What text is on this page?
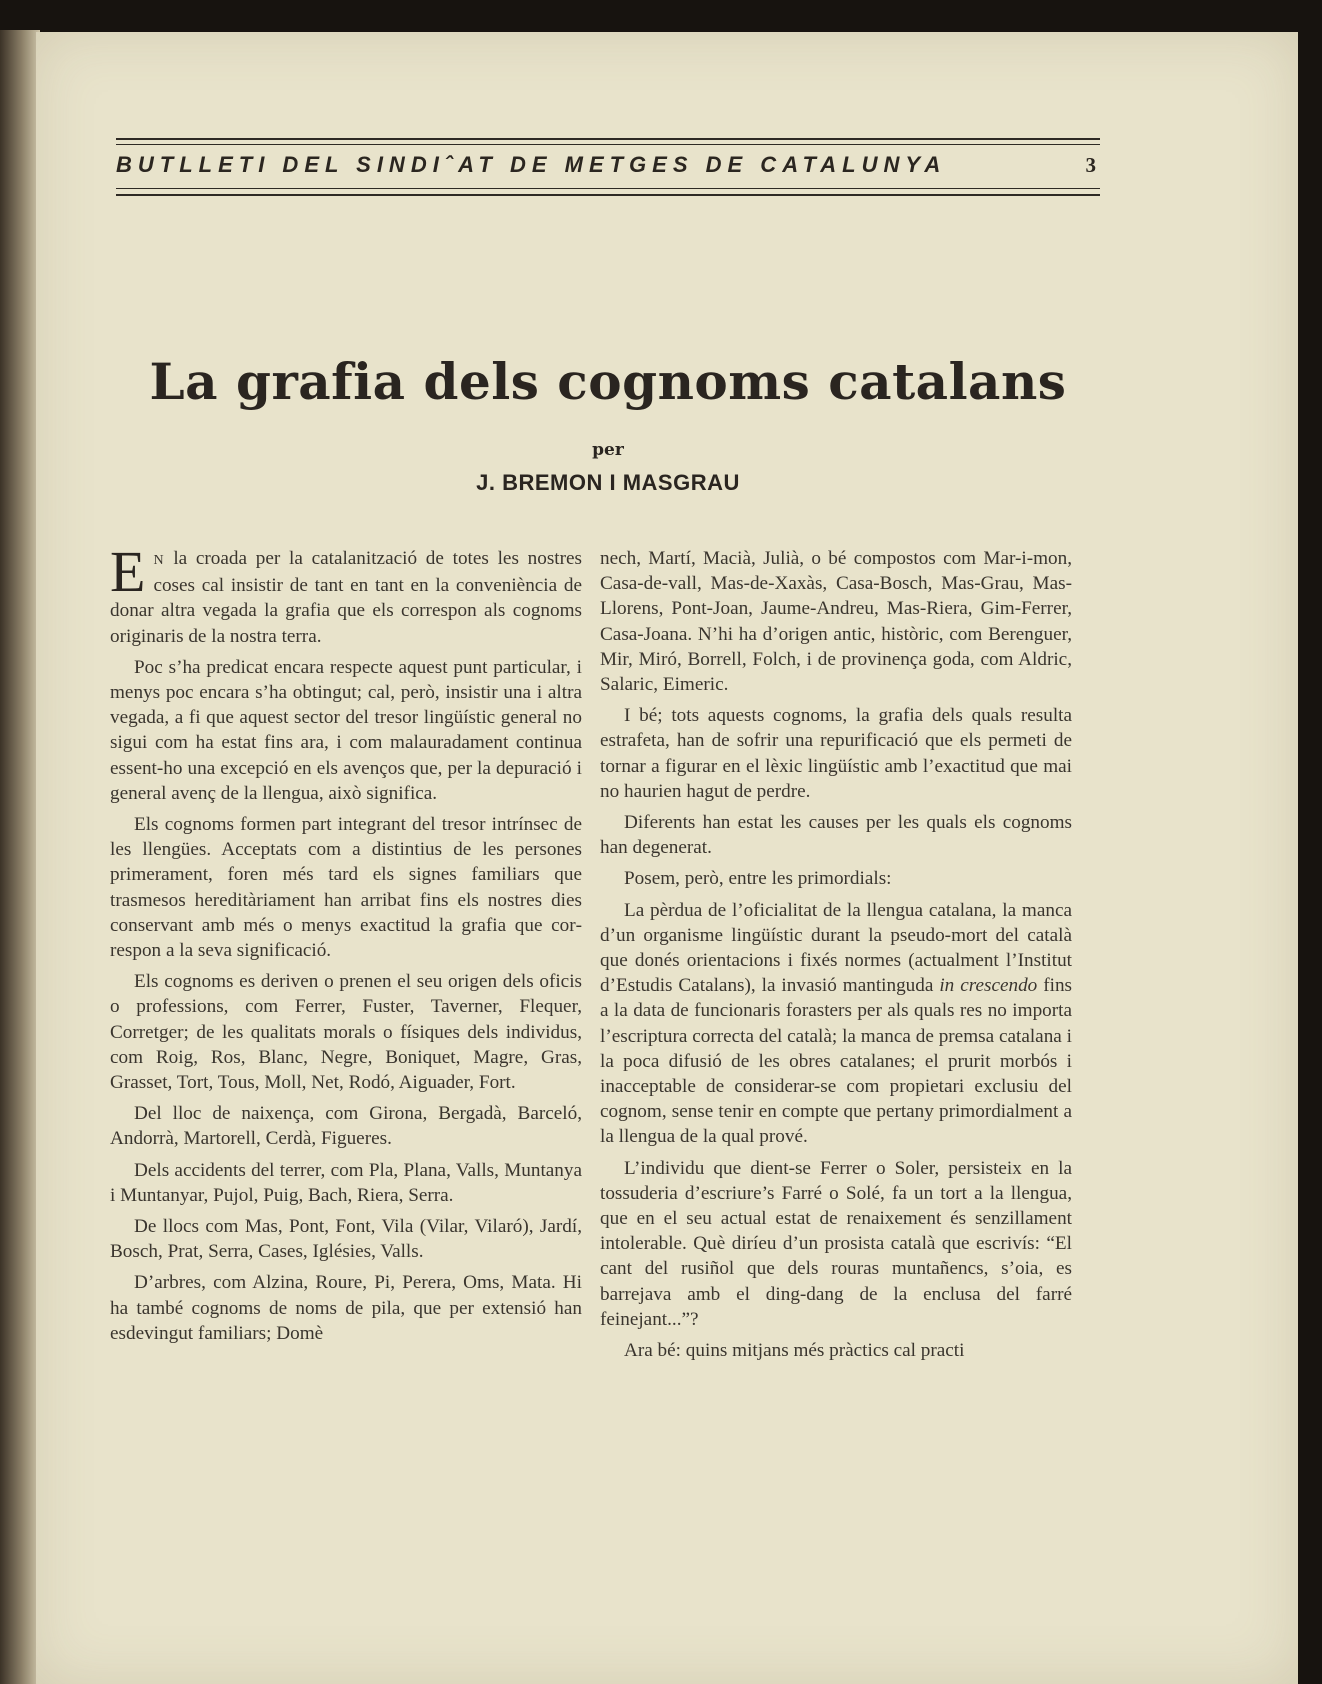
BUTLLETI DEL SINDIˆAT DE METGES DE CATALUNYA	3
La grafia dels cognoms catalans
per
J. BREMON I MASGRAU

E N la croada per la catalanització de totes les nostres coses cal insistir de tant en tant en la conveniència de donar altra vegada la grafia que els correspon als cognoms originaris de la nostra terra.

Poc s’ha predicat encara respecte aquest punt particular, i menys poc encara s’ha obtingut; cal, però, insistir una i altra vegada, a fi que aquest sector del tresor lingüístic general no sigui com ha estat fins ara, i com malauradament continua essent-ho una excepció en els avenços que, per la depuració i general avenç de la llengua, això significa.

Els cognoms formen part integrant del tresor intrínsec de les llengües. Acceptats com a distintius de les persones primerament, foren més tard els signes familiars que trasmesos hereditàriament han arribat fins els nostres dies conservant amb més o menys exactitud la grafia que correspon a la seva significació.

Els cognoms es deriven o prenen el seu origen dels oficis o professions, com Ferrer, Fuster, Taverner, Flequer, Corretger; de les qualitats morals o físiques dels individus, com Roig, Ros, Blanc, Negre, Boniquet, Magre, Gras, Grasset, Tort, Tous, Moll, Net, Rodó, Aiguader, Fort.

Del lloc de naixença, com Girona, Bergadà, Barceló, Andorrà, Martorell, Cerdà, Figueres.

Dels accidents del terrer, com Pla, Plana, Valls, Muntanya i Muntanyar, Pujol, Puig, Bach, Riera, Serra.

De llocs com Mas, Pont, Font, Vila (Vilar, Vilaró), Jardí, Bosch, Prat, Serra, Cases, Iglésies, Valls.

D’arbres, com Alzina, Roure, Pi, Perera, Oms, Mata. Hi ha també cognoms de noms de pila, que per extensió han esdevingut familiars; Domè

nech, Martí, Macià, Julià, o bé compostos com Mar-i-mon, Casa-de-vall, Mas-de-Xaxàs, Casa-Bosch, Mas-Grau, Mas-Llorens, Pont-Joan, Jaume-Andreu, Mas-Riera, Gim-Ferrer, Casa-Joana. N’hi ha d’origen antic, històric, com Berenguer, Mir, Miró, Borrell, Folch, i de provinença goda, com Aldric, Salaric, Eimeric.

I bé; tots aquests cognoms, la grafia dels quals resulta estrafeta, han de sofrir una repurificació que els permeti de tornar a figurar en el lèxic lingüístic amb l’exactitud que mai no haurien hagut de perdre.

Diferents han estat les causes per les quals els cognoms han degenerat.

Posem, però, entre les primordials:

La pèrdua de l’oficialitat de la llengua catalana, la manca d’un organisme lingüístic durant la pseudo-mort del català que donés orientacions i fixés normes (actualment l’Institut d’Estudis Catalans), la invasió mantinguda in crescendo fins a la data de funcionaris forasters per als quals res no importa l’escriptura correcta del català; la manca de premsa catalana i la poca difusió de les obres catalanes; el prurit morbós i inacceptable de considerar-se com propietari exclusiu del cognom, sense tenir en compte que pertany primordialment a la llengua de la qual prové.

L’individu que dient-se Ferrer o Soler, persisteix en la tossuderia d’escriure’s Farré o Solé, fa un tort a la llengua, que en el seu actual estat de renaixement és senzillament intolerable. Què diríeu d’un prosista català que escrivís: “El cant del rusiñol que dels rouras muntañencs, s’oia, es barrejava amb el ding-dang de la enclusa del farré feinejant...”?

Ara bé: quins mitjans més pràctics cal practi
